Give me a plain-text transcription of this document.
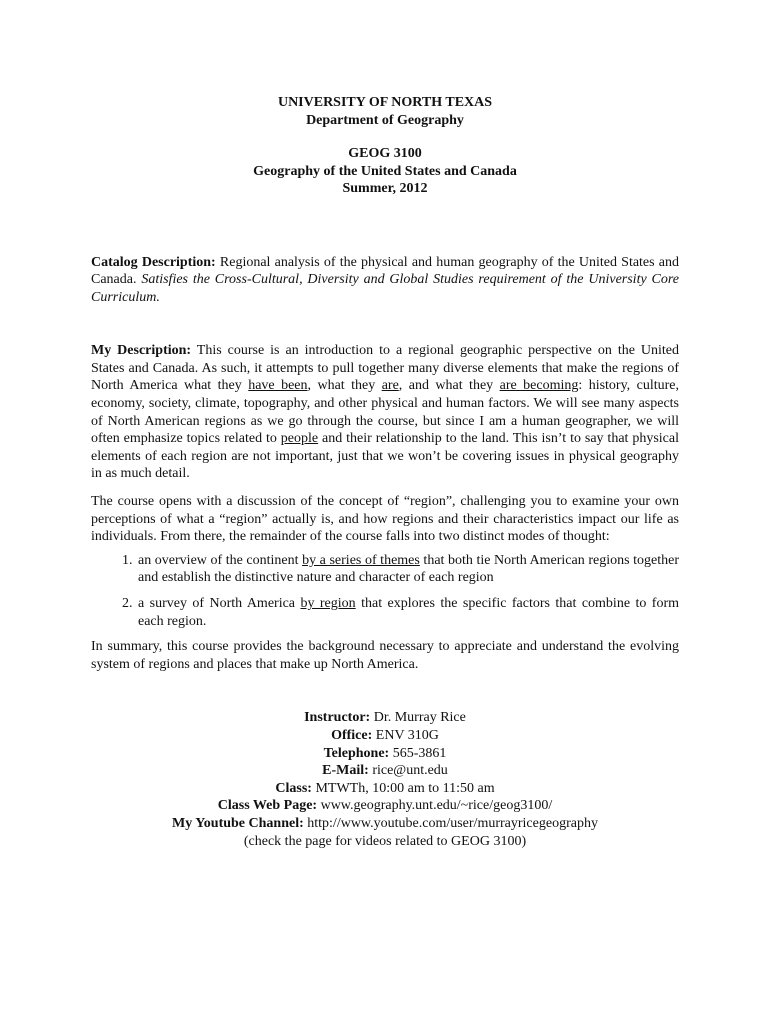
UNIVERSITY OF NORTH TEXAS
Department of Geography
GEOG 3100
Geography of the United States and Canada
Summer, 2012

Catalog Description: Regional analysis of the physical and human geography of the United States and Canada. Satisfies the Cross-Cultural, Diversity and Global Studies requirement of the University Core Curriculum.

My Description: This course is an introduction to a regional geographic perspective on the United States and Canada. As such, it attempts to pull together many diverse elements that make the regions of North America what they have been, what they are, and what they are becoming: history, culture, economy, society, climate, topography, and other physical and human factors. We will see many aspects of North American regions as we go through the course, but since I am a human geographer, we will often emphasize topics related to people and their relationship to the land. This isn’t to say that physical elements of each region are not important, just that we won’t be covering issues in physical geography in as much detail.

The course opens with a discussion of the concept of “region”, challenging you to examine your own perceptions of what a “region” actually is, and how regions and their characteristics impact our life as individuals. From there, the remainder of the course falls into two distinct modes of thought:

1. an overview of the continent by a series of themes that both tie North American regions together and establish the distinctive nature and character of each region
2. a survey of North America by region that explores the specific factors that combine to form each region.

In summary, this course provides the background necessary to appreciate and understand the evolving system of regions and places that make up North America.

Instructor: Dr. Murray Rice
Office: ENV 310G
Telephone: 565-3861
E-Mail: rice@unt.edu
Class: MTWTh, 10:00 am to 11:50 am
Class Web Page: www.geography.unt.edu/~rice/geog3100/
My Youtube Channel: http://www.youtube.com/user/murrayricegeography
(check the page for videos related to GEOG 3100)
